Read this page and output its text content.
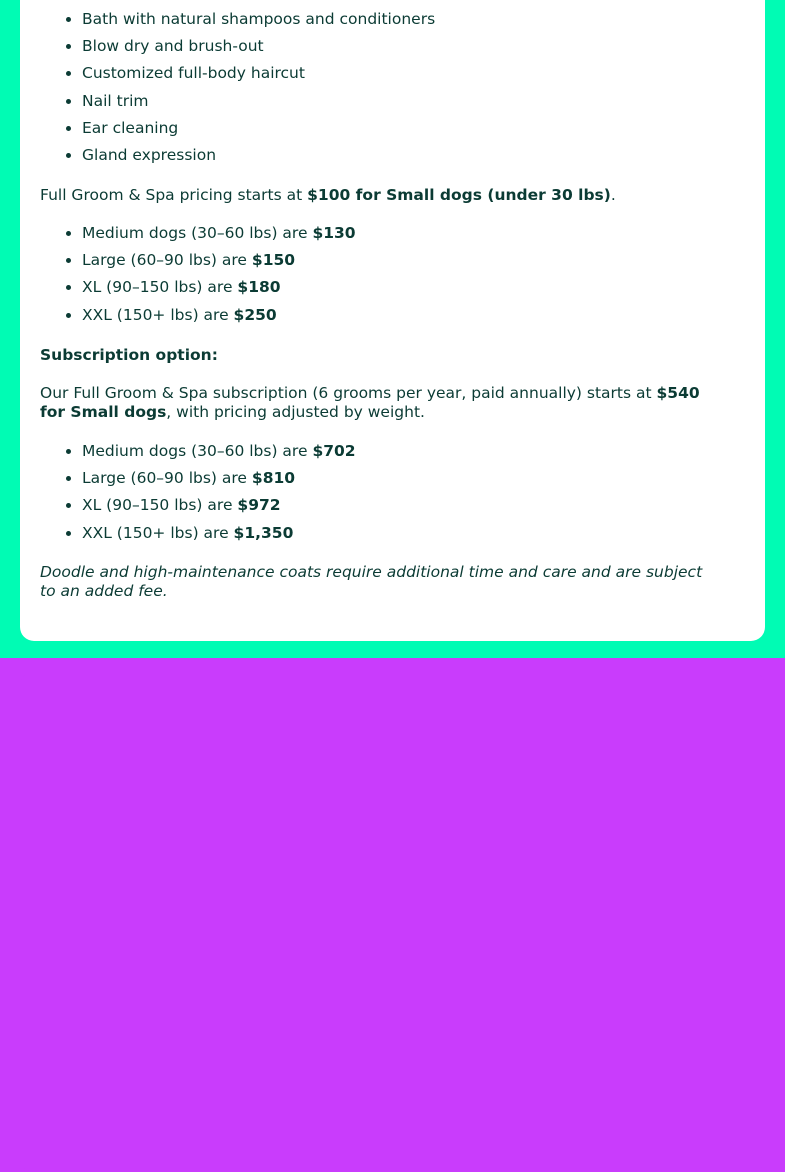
• Bath with natural shampoos and conditioners
• Blow dry and brush-out
• Customized full-body haircut
• Nail trim
• Ear cleaning
• Gland expression

Full Groom & Spa pricing starts at $100 for Small dogs (under 30 lbs).

• Medium dogs (30–60 lbs) are $130
• Large (60–90 lbs) are $150
• XL (90–150 lbs) are $180
• XXL (150+ lbs) are $250

Subscription option:

Our Full Groom & Spa subscription (6 grooms per year, paid annually) starts at $540 for Small dogs, with pricing adjusted by weight.

• Medium dogs (30–60 lbs) are $702
• Large (60–90 lbs) are $810
• XL (90–150 lbs) are $972
• XXL (150+ lbs) are $1,350

Doodle and high-maintenance coats require additional time and care and are subject to an added fee.
